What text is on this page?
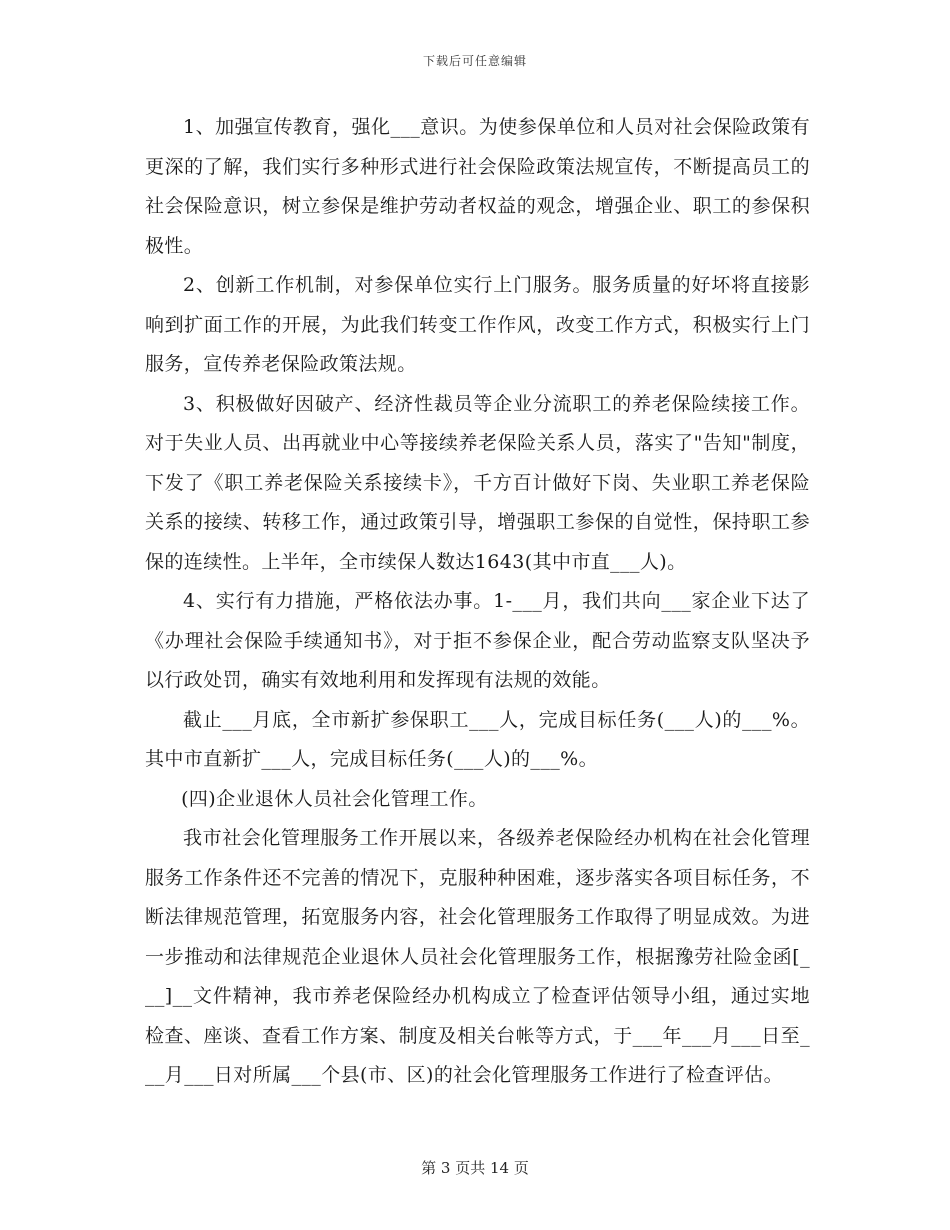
下载后可任意编辑

1、加强宣传教育，强化___意识。为使参保单位和人员对社会保险政策有更深的了解，我们实行多种形式进行社会保险政策法规宣传，不断提高员工的社会保险意识，树立参保是维护劳动者权益的观念，增强企业、职工的参保积极性。

2、创新工作机制，对参保单位实行上门服务。服务质量的好坏将直接影响到扩面工作的开展，为此我们转变工作作风，改变工作方式，积极实行上门服务，宣传养老保险政策法规。

3、积极做好因破产、经济性裁员等企业分流职工的养老保险续接工作。对于失业人员、出再就业中心等接续养老保险关系人员，落实了"告知"制度，下发了《职工养老保险关系接续卡》，千方百计做好下岗、失业职工养老保险关系的接续、转移工作，通过政策引导，增强职工参保的自觉性，保持职工参保的连续性。上半年，全市续保人数达1643(其中市直___人)。

4、实行有力措施，严格依法办事。1-___月，我们共向___家企业下达了《办理社会保险手续通知书》，对于拒不参保企业，配合劳动监察支队坚决予以行政处罚，确实有效地利用和发挥现有法规的效能。

截止___月底，全市新扩参保职工___人，完成目标任务(___人)的___%。其中市直新扩___人，完成目标任务(___人)的___%。

(四)企业退休人员社会化管理工作。

我市社会化管理服务工作开展以来，各级养老保险经办机构在社会化管理服务工作条件还不完善的情况下，克服种种困难，逐步落实各项目标任务，不断法律规范管理，拓宽服务内容，社会化管理服务工作取得了明显成效。为进一步推动和法律规范企业退休人员社会化管理服务工作，根据豫劳社险金函[___]__文件精神，我市养老保险经办机构成立了检查评估领导小组，通过实地检查、座谈、查看工作方案、制度及相关台帐等方式，于___年___月___日至___月___日对所属___个县(市、区)的社会化管理服务工作进行了检查评估。

第 3 页共 14 页
